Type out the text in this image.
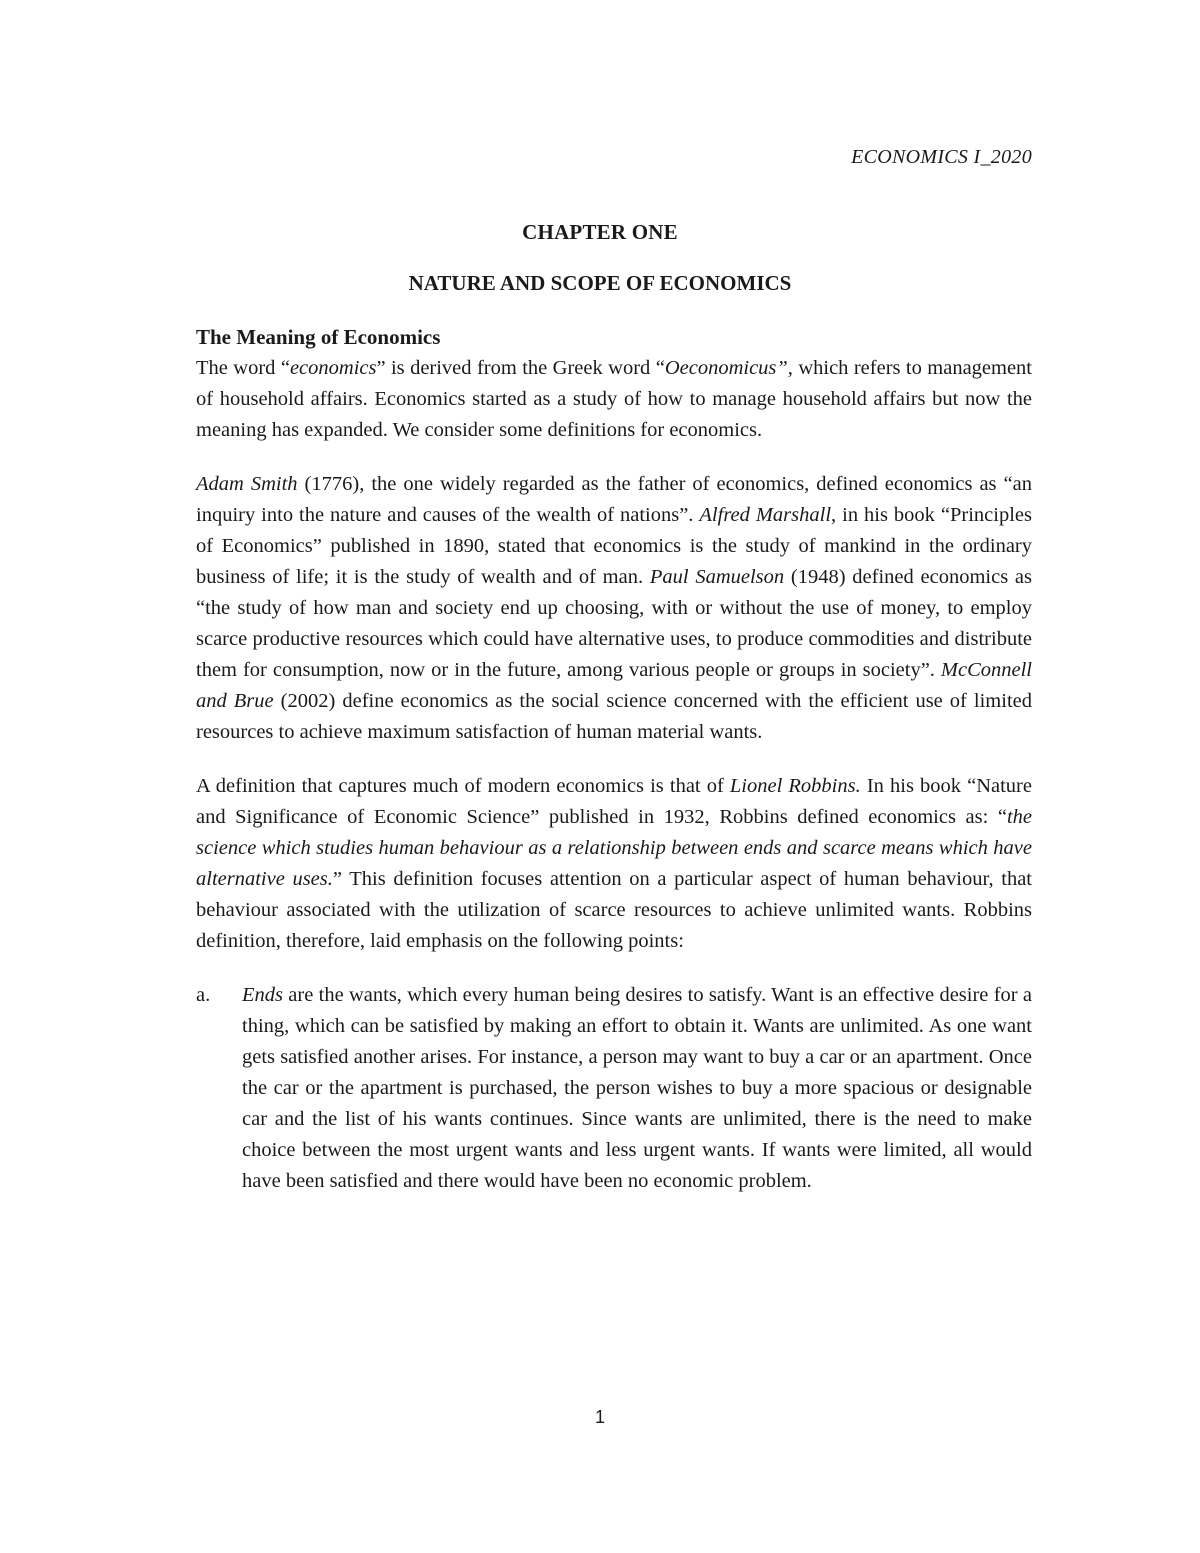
ECONOMICS I_2020
CHAPTER ONE
NATURE AND SCOPE OF ECONOMICS
The Meaning of Economics

The word “economics” is derived from the Greek word “Oeconomicus”, which refers to management of household affairs. Economics started as a study of how to manage household affairs but now the meaning has expanded. We consider some definitions for economics.

Adam Smith (1776), the one widely regarded as the father of economics, defined economics as “an inquiry into the nature and causes of the wealth of nations”. Alfred Marshall, in his book “Principles of Economics” published in 1890, stated that economics is the study of mankind in the ordinary business of life; it is the study of wealth and of man. Paul Samuelson (1948) defined economics as “the study of how man and society end up choosing, with or without the use of money, to employ scarce productive resources which could have alternative uses, to produce commodities and distribute them for consumption, now or in the future, among various people or groups in society”. McConnell and Brue (2002) define economics as the social science concerned with the efficient use of limited resources to achieve maximum satisfaction of human material wants.

A definition that captures much of modern economics is that of Lionel Robbins. In his book “Nature and Significance of Economic Science” published in 1932, Robbins defined economics as: “the science which studies human behaviour as a relationship between ends and scarce means which have alternative uses.” This definition focuses attention on a particular aspect of human behaviour, that behaviour associated with the utilization of scarce resources to achieve unlimited wants. Robbins definition, therefore, laid emphasis on the following points:

a. Ends are the wants, which every human being desires to satisfy. Want is an effective desire for a thing, which can be satisfied by making an effort to obtain it. Wants are unlimited. As one want gets satisfied another arises. For instance, a person may want to buy a car or an apartment. Once the car or the apartment is purchased, the person wishes to buy a more spacious or designable car and the list of his wants continues. Since wants are unlimited, there is the need to make choice between the most urgent wants and less urgent wants. If wants were limited, all would have been satisfied and there would have been no economic problem.
1
